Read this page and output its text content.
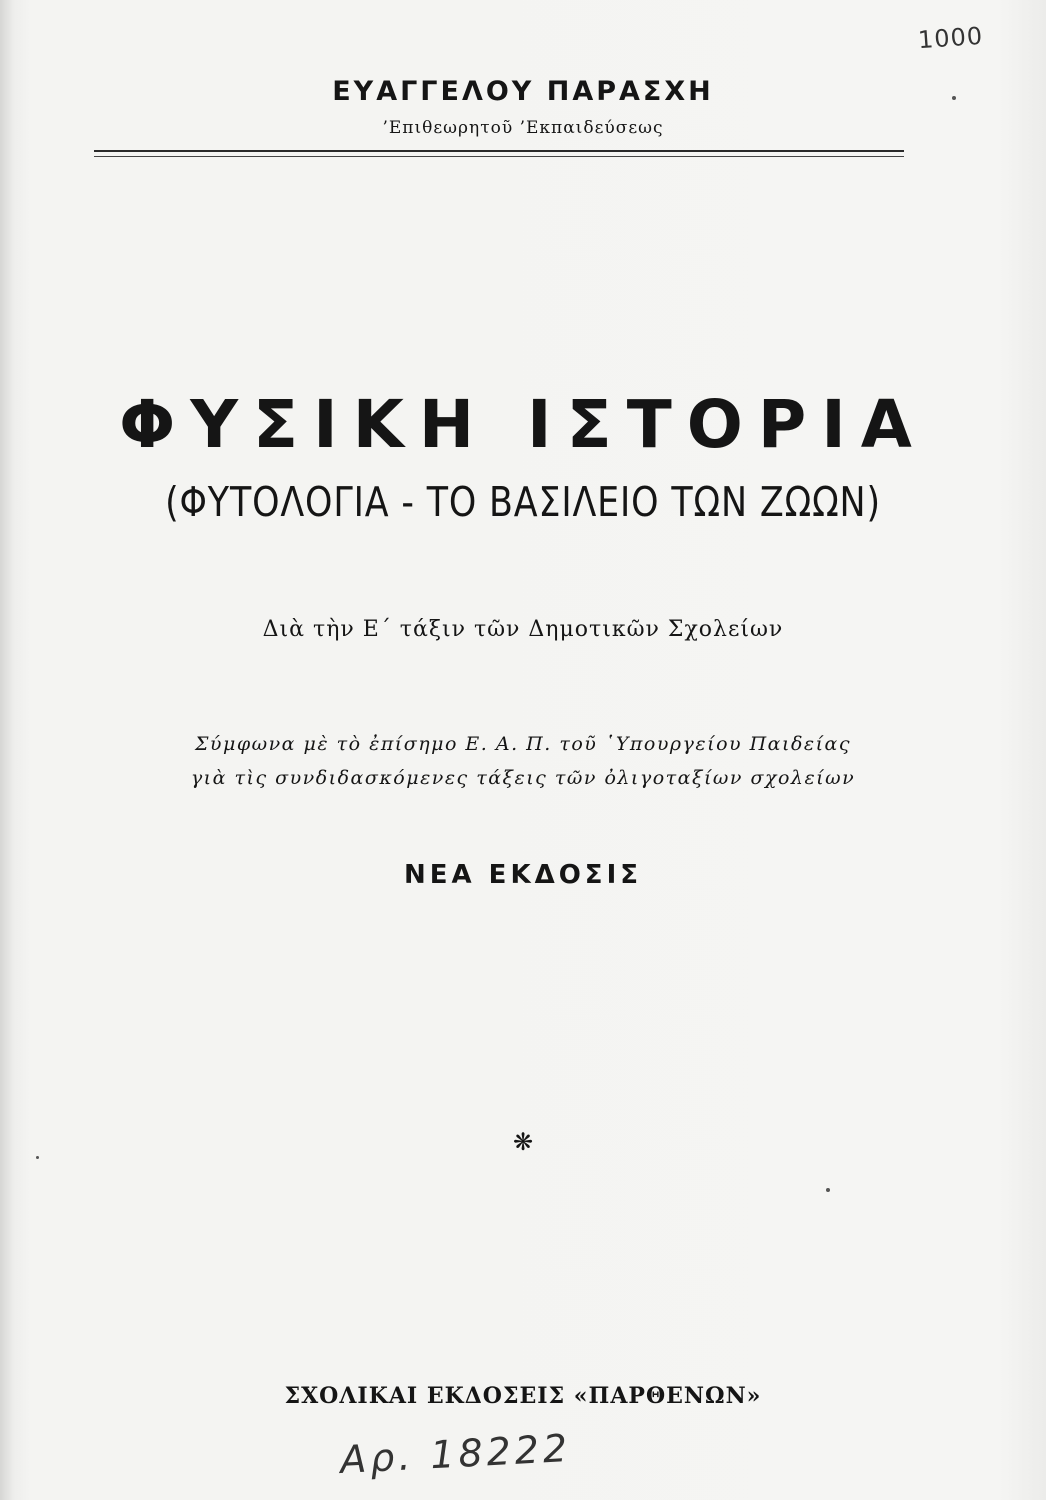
1000
ΕΥΑΓΓΕΛΟΥ ΠΑΡΑΣΧΗ
’Επιθεωρητοῦ ’Εκπαιδεύσεως
ΦΥΣΙΚΗ ΙΣΤΟΡΙΑ
(ΦΥΤΟΛΟΓΙΑ - ΤΟ ΒΑΣΙΛΕΙΟ ΤΩΝ ΖΩΩΝ)
Διὰ τὴν Ε΄ τάξιν τῶν Δημοτικῶν Σχολείων
Σύμφωνα μὲ τὸ ἐπίσημο Ε. Α. Π. τοῦ ῾Υπουργείου Παιδείας
γιὰ τὶς συνδιδασκόμενες τάξεις τῶν ὀλιγοταξίων σχολείων
ΝΕΑ ΕΚΔΟΣΙΣ
❋
ΣΧΟΛΙΚΑΙ ΕΚΔΟΣΕΙΣ «ΠΑΡΘΕΝΩΝ»
Αρ. 18222
